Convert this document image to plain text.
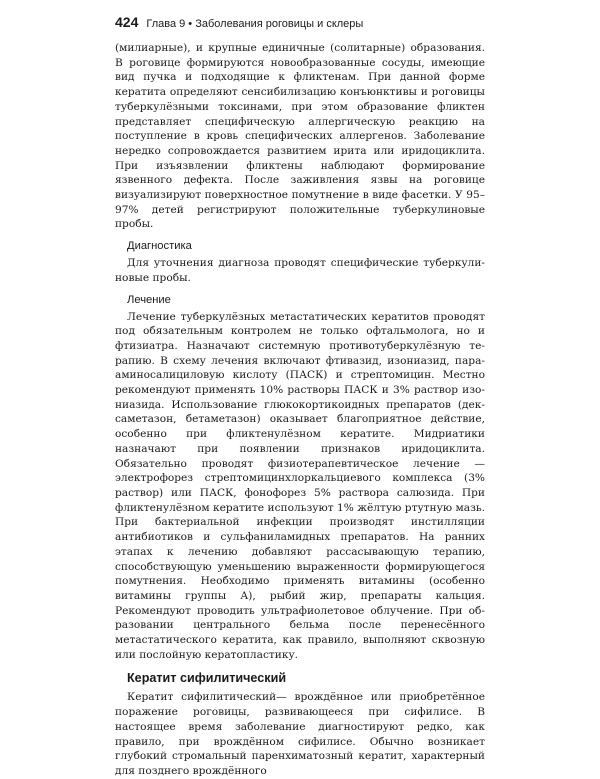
424 Глава 9 • Заболевания роговицы и склеры

(милиарные), и крупные единичные (солитарные) образования. В роговице формируются новообразованные сосуды, имеющие вид пучка и подходящие к фликтенам. При данной форме кератита определяют сенсибилизацию конъюнктивы и роговицы туберкулёзными токсинами, при этом образование фликтен представляет специфическую аллергическую реакцию на поступление в кровь специфических аллергенов. Заболевание нередко сопровождается развитием ирита или иридоциклита. При изъязвлении фликтены наблюдают формирование язвенного дефекта. После заживления язвы на роговице визуализируют поверхностное помутнение в виде фасетки. У 95–97% детей регистрируют положительные туберкулиновые пробы.

Диагностика

Для уточнения диагноза проводят специфические туберкулиновые пробы.

Лечение

Лечение туберкулёзных метастатических кератитов проводят под обязательным контролем не только офтальмолога, но и фтизиатра. Назначают системную противотуберкулёзную терапию. В схему лечения включают фтивазид, изониазид, парааминосалициловую кислоту (ПАСК) и стрептомицин. Местно рекомендуют применять 10% растворы ПАСК и 3% раствор изониазида. Использование глюкокортикоидных препаратов (дексаметазон, бетаметазон) оказывает благоприятное действие, особенно при фликтенулёзном кератите. Мидриатики назначают при появлении признаков иридоциклита. Обязательно проводят физиотерапевтическое лечение — электрофорез стрептомицинхлоркальциевого комплекса (3% раствор) или ПАСК, фонофорез 5% раствора салюзида. При фликтенулёзном кератите используют 1% жёлтую ртутную мазь. При бактериальной инфекции производят инстилляции антибиотиков и сульфаниламидных препаратов. На ранних этапах к лечению добавляют рассасывающую терапию, способствующую уменьшению выраженности формирующегося помутнения. Необходимо применять витамины (особенно витамины группы А), рыбий жир, препараты кальция. Рекомендуют проводить ультрафиолетовое облучение. При образовании центрального бельма после перенесённого метастатического кератита, как правило, выполняют сквозную или послойную кератопластику.

Кератит сифилитический

Кератит сифилитический— врождённое или приобретённое поражение роговицы, развивающееся при сифилисе. В настоящее время заболевание диагностируют редко, как правило, при врождённом сифилисе. Обычно возникает глубокий стромальный паренхиматозный кератит, характерный для позднего врождённого
